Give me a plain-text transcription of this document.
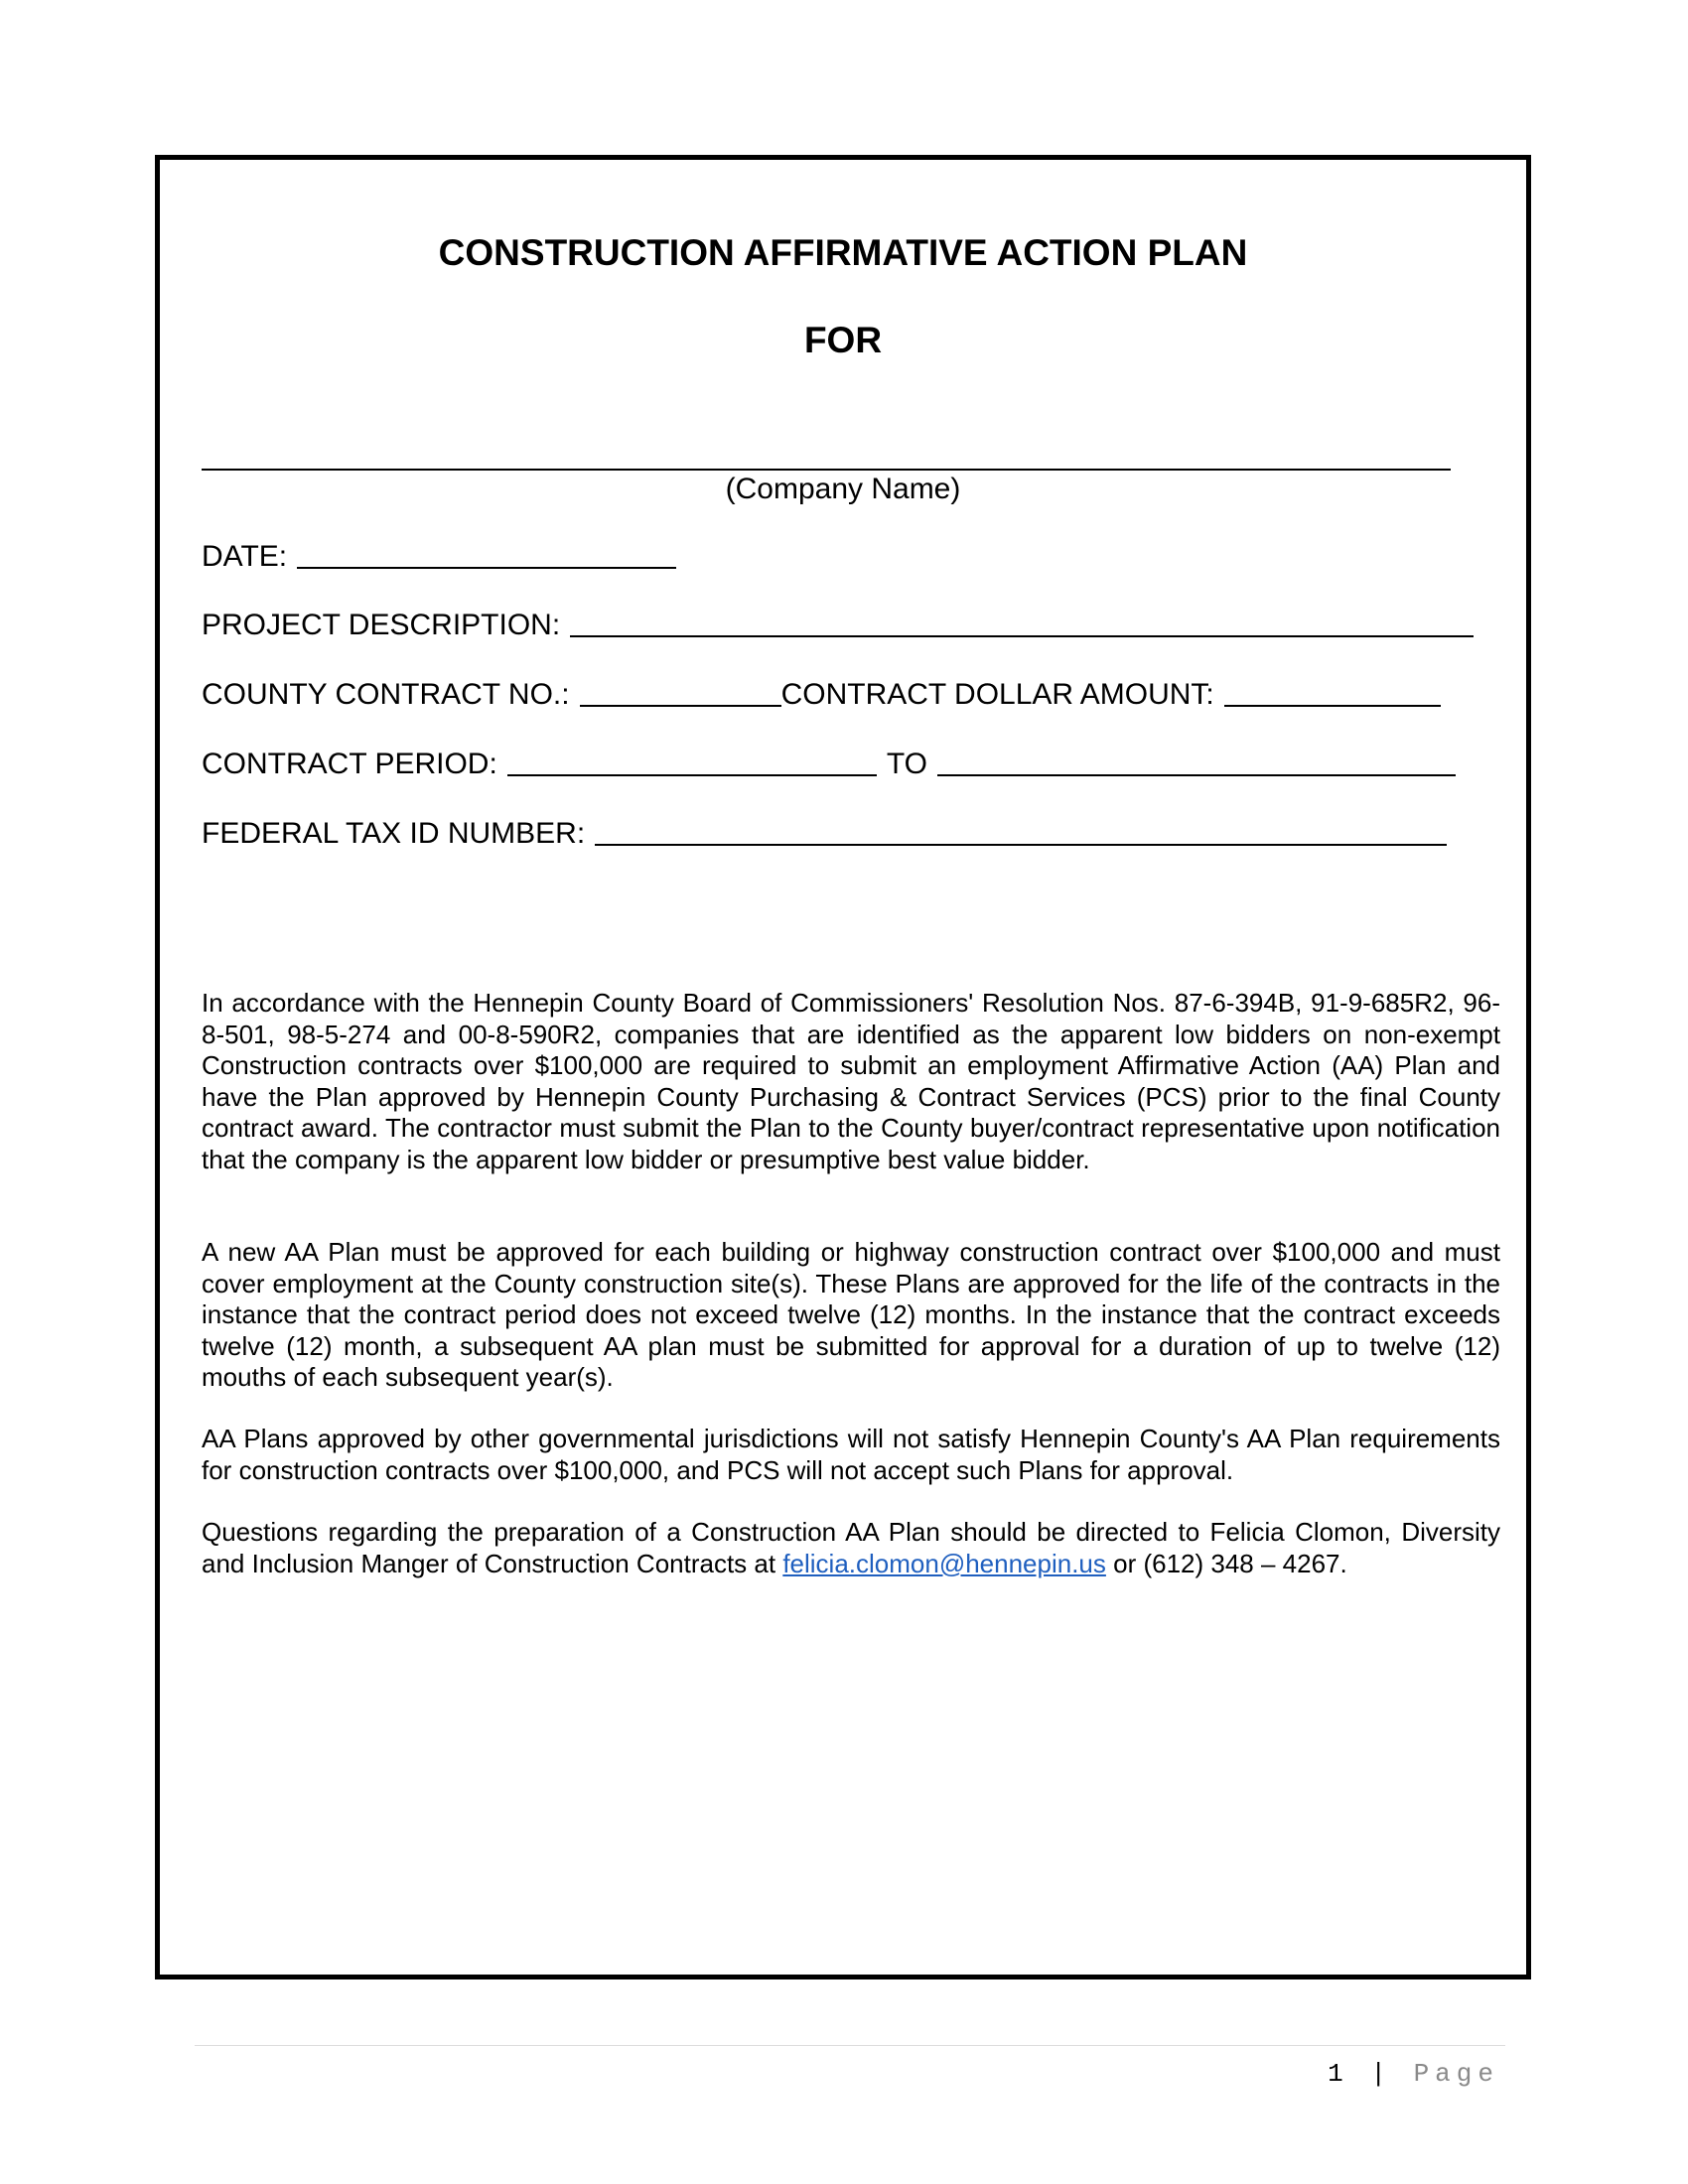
CONSTRUCTION AFFIRMATIVE ACTION PLAN
FOR
(Company Name)
DATE:
PROJECT DESCRIPTION:
COUNTY CONTRACT NO.:	CONTRACT DOLLAR AMOUNT:
CONTRACT PERIOD:	TO
FEDERAL TAX ID NUMBER:

In accordance with the Hennepin County Board of Commissioners' Resolution Nos. 87-6-394B, 91-9-685R2, 96-8-501, 98-5-274 and 00-8-590R2, companies that are identified as the apparent low bidders on non-exempt Construction contracts over $100,000 are required to submit an employment Affirmative Action (AA) Plan and have the Plan approved by Hennepin County Purchasing & Contract Services (PCS) prior to the final County contract award. The contractor must submit the Plan to the County buyer/contract representative upon notification that the company is the apparent low bidder or presumptive best value bidder.

A new AA Plan must be approved for each building or highway construction contract over $100,000 and must cover employment at the County construction site(s). These Plans are approved for the life of the contracts in the instance that the contract period does not exceed twelve (12) months. In the instance that the contract exceeds twelve (12) month, a subsequent AA plan must be submitted for approval for a duration of up to twelve (12) mouths of each subsequent year(s).

AA Plans approved by other governmental jurisdictions will not satisfy Hennepin County's AA Plan requirements for construction contracts over $100,000, and PCS will not accept such Plans for approval.

Questions regarding the preparation of a Construction AA Plan should be directed to Felicia Clomon, Diversity and Inclusion Manger of Construction Contracts at felicia.clomon@hennepin.us or (612) 348 – 4267.

1 | Page
